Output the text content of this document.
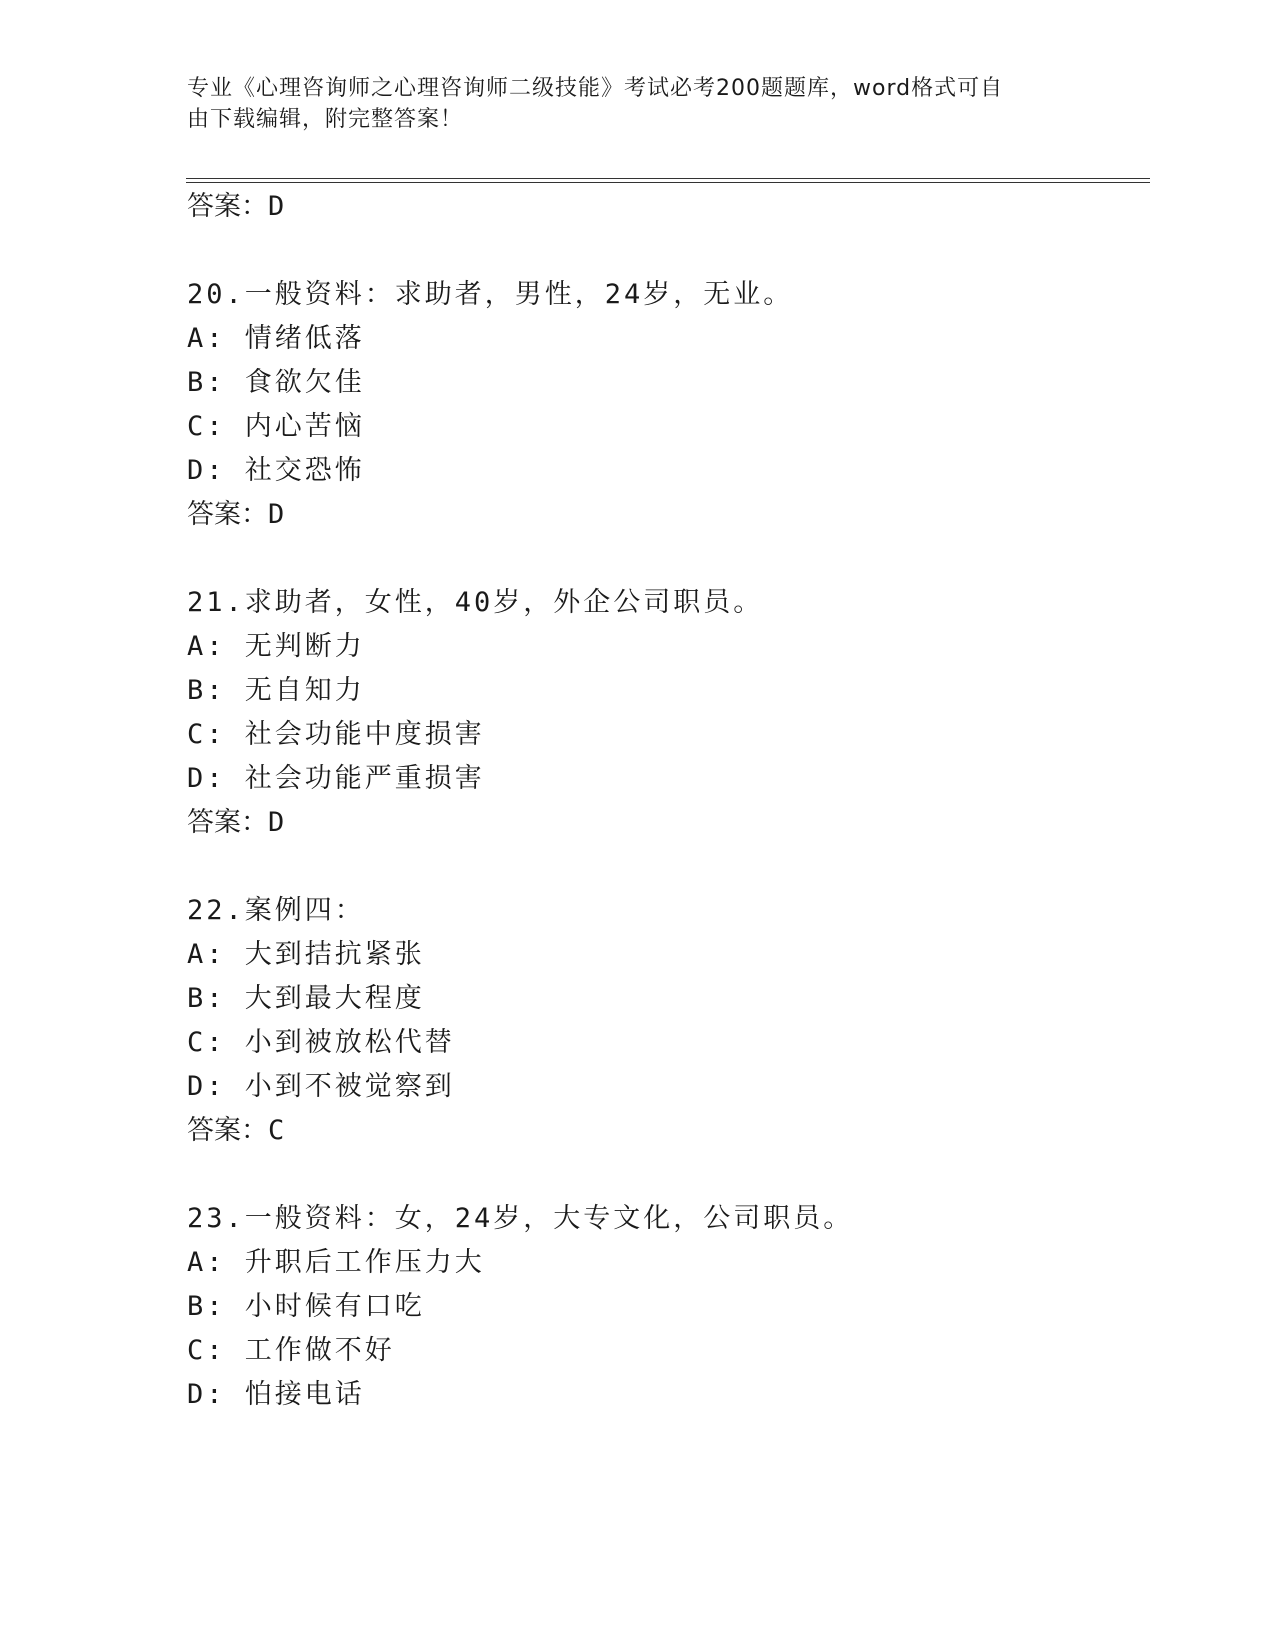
专业《心理咨询师之心理咨询师二级技能》考试必考200题题库，word格式可自
由下载编辑，附完整答案！
答案：D
20.一般资料：求助者，男性，24岁，无业。
A: 情绪低落
B: 食欲欠佳
C: 内心苦恼
D: 社交恐怖
答案：D
21.求助者，女性，40岁，外企公司职员。
A: 无判断力
B: 无自知力
C: 社会功能中度损害
D: 社会功能严重损害
答案：D
22.案例四：
A: 大到拮抗紧张
B: 大到最大程度
C: 小到被放松代替
D: 小到不被觉察到
答案：C
23.一般资料：女，24岁，大专文化，公司职员。
A: 升职后工作压力大
B: 小时候有口吃
C: 工作做不好
D: 怕接电话
